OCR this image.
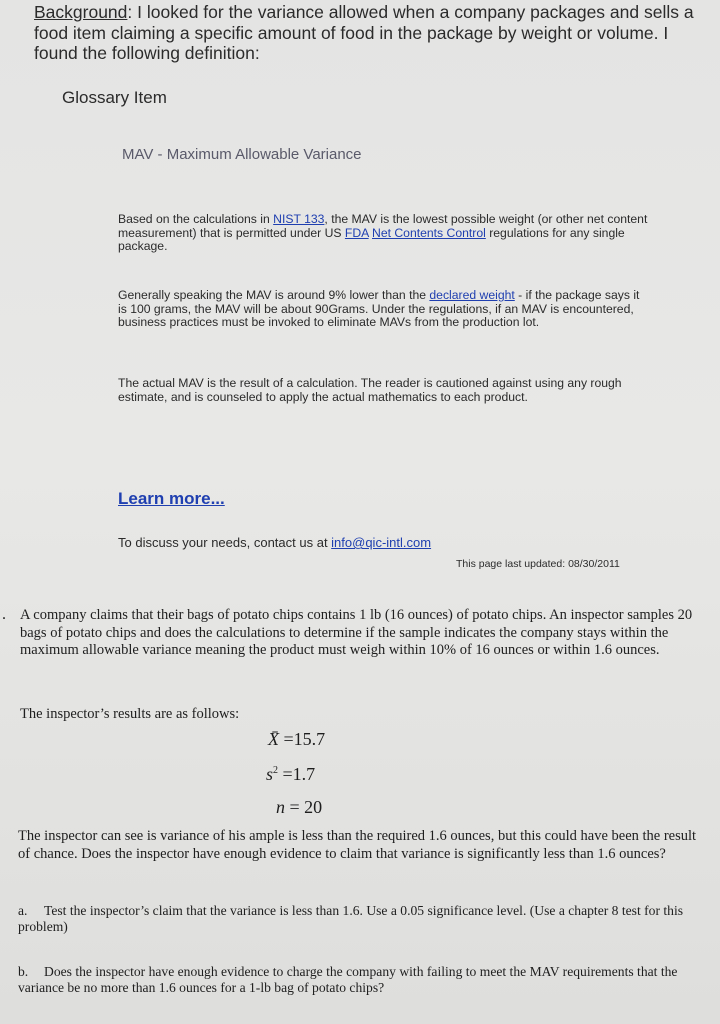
Background: I looked for the variance allowed when a company packages and sells a food item claiming a specific amount of food in the package by weight or volume. I found the following definition:
Glossary Item
MAV - Maximum Allowable Variance
Based on the calculations in NIST 133, the MAV is the lowest possible weight (or other net content measurement) that is permitted under US FDA Net Contents Control regulations for any single package.
Generally speaking the MAV is around 9% lower than the declared weight - if the package says it is 100 grams, the MAV will be about 90Grams. Under the regulations, if an MAV is encountered, business practices must be invoked to eliminate MAVs from the production lot.
The actual MAV is the result of a calculation. The reader is cautioned against using any rough estimate, and is counseled to apply the actual mathematics to each product.
Learn more...
To discuss your needs, contact us at info@qic-intl.com
This page last updated: 08/30/2011
. A company claims that their bags of potato chips contains 1 lb (16 ounces) of potato chips. An inspector samples 20 bags of potato chips and does the calculations to determine if the sample indicates the company stays within the maximum allowable variance meaning the product must weigh within 10% of 16 ounces or within 1.6 ounces.
The inspector’s results are as follows:
X̄ =15.7
$s^2 =1.7$
n = 20
The inspector can see is variance of his ample is less than the required 1.6 ounces, but this could have been the result of chance. Does the inspector have enough evidence to claim that variance is significantly less than 1.6 ounces?
a. Test the inspector’s claim that the variance is less than 1.6. Use a 0.05 significance level. (Use a chapter 8 test for this problem)
b. Does the inspector have enough evidence to charge the company with failing to meet the MAV requirements that the variance be no more than 1.6 ounces for a 1-lb bag of potato chips?
